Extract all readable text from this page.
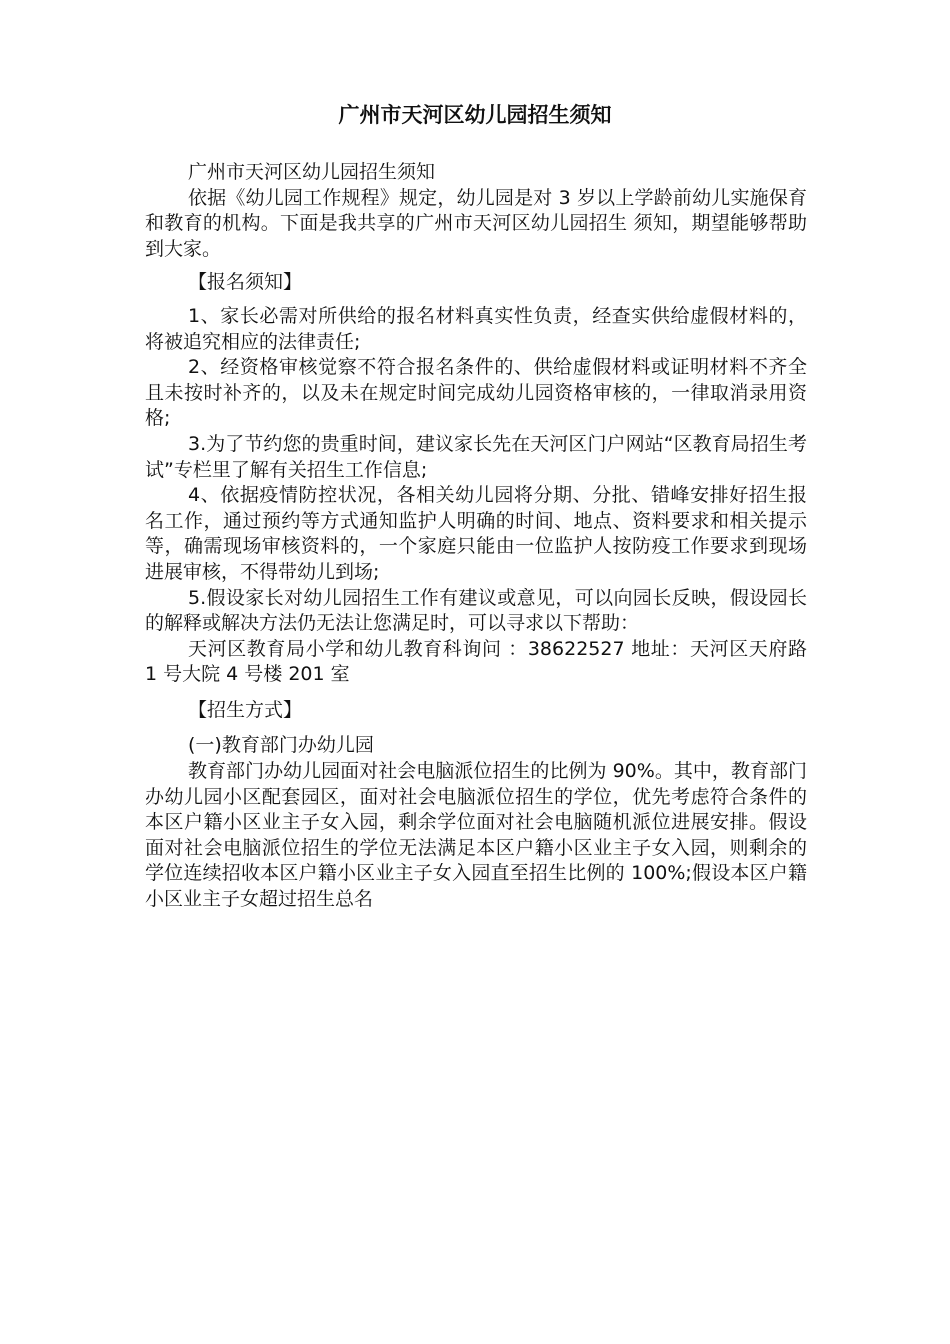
广州市天河区幼儿园招生须知

广州市天河区幼儿园招生须知

依据《幼儿园工作规程》规定，幼儿园是对 3 岁以上学龄前幼儿实施保育和教育的机构。下面是我共享的广州市天河区幼儿园招生 须知，期望能够帮助到大家。

【报名须知】

1、家长必需对所供给的报名材料真实性负责，经查实供给虚假材料的，将被追究相应的法律责任;

2、经资格审核觉察不符合报名条件的、供给虚假材料或证明材料不齐全且未按时补齐的，以及未在规定时间完成幼儿园资格审核的，一律取消录用资格;

3.为了节约您的贵重时间，建议家长先在天河区门户网站“区教育局招生考试”专栏里了解有关招生工作信息;

4、依据疫情防控状况，各相关幼儿园将分期、分批、错峰安排好招生报名工作，通过预约等方式通知监护人明确的时间、地点、资料要求和相关提示等，确需现场审核资料的，一个家庭只能由一位监护人按防疫工作要求到现场进展审核，不得带幼儿到场;

5.假设家长对幼儿园招生工作有建议或意见，可以向园长反映，假设园长的解释或解决方法仍无法让您满足时，可以寻求以下帮助：

天河区教育局小学和幼儿教育科询问 ：38622527 地址：天河区天府路 1 号大院 4 号楼 201 室

【招生方式】

(一)教育部门办幼儿园

教育部门办幼儿园面对社会电脑派位招生的比例为 90%。其中，教育部门办幼儿园小区配套园区，面对社会电脑派位招生的学位，优先考虑符合条件的本区户籍小区业主子女入园，剩余学位面对社会电脑随机派位进展安排。假设面对社会电脑派位招生的学位无法满足本区户籍小区业主子女入园，则剩余的学位连续招收本区户籍小区业主子女入园直至招生比例的 100%;假设本区户籍小区业主子女超过招生总名
